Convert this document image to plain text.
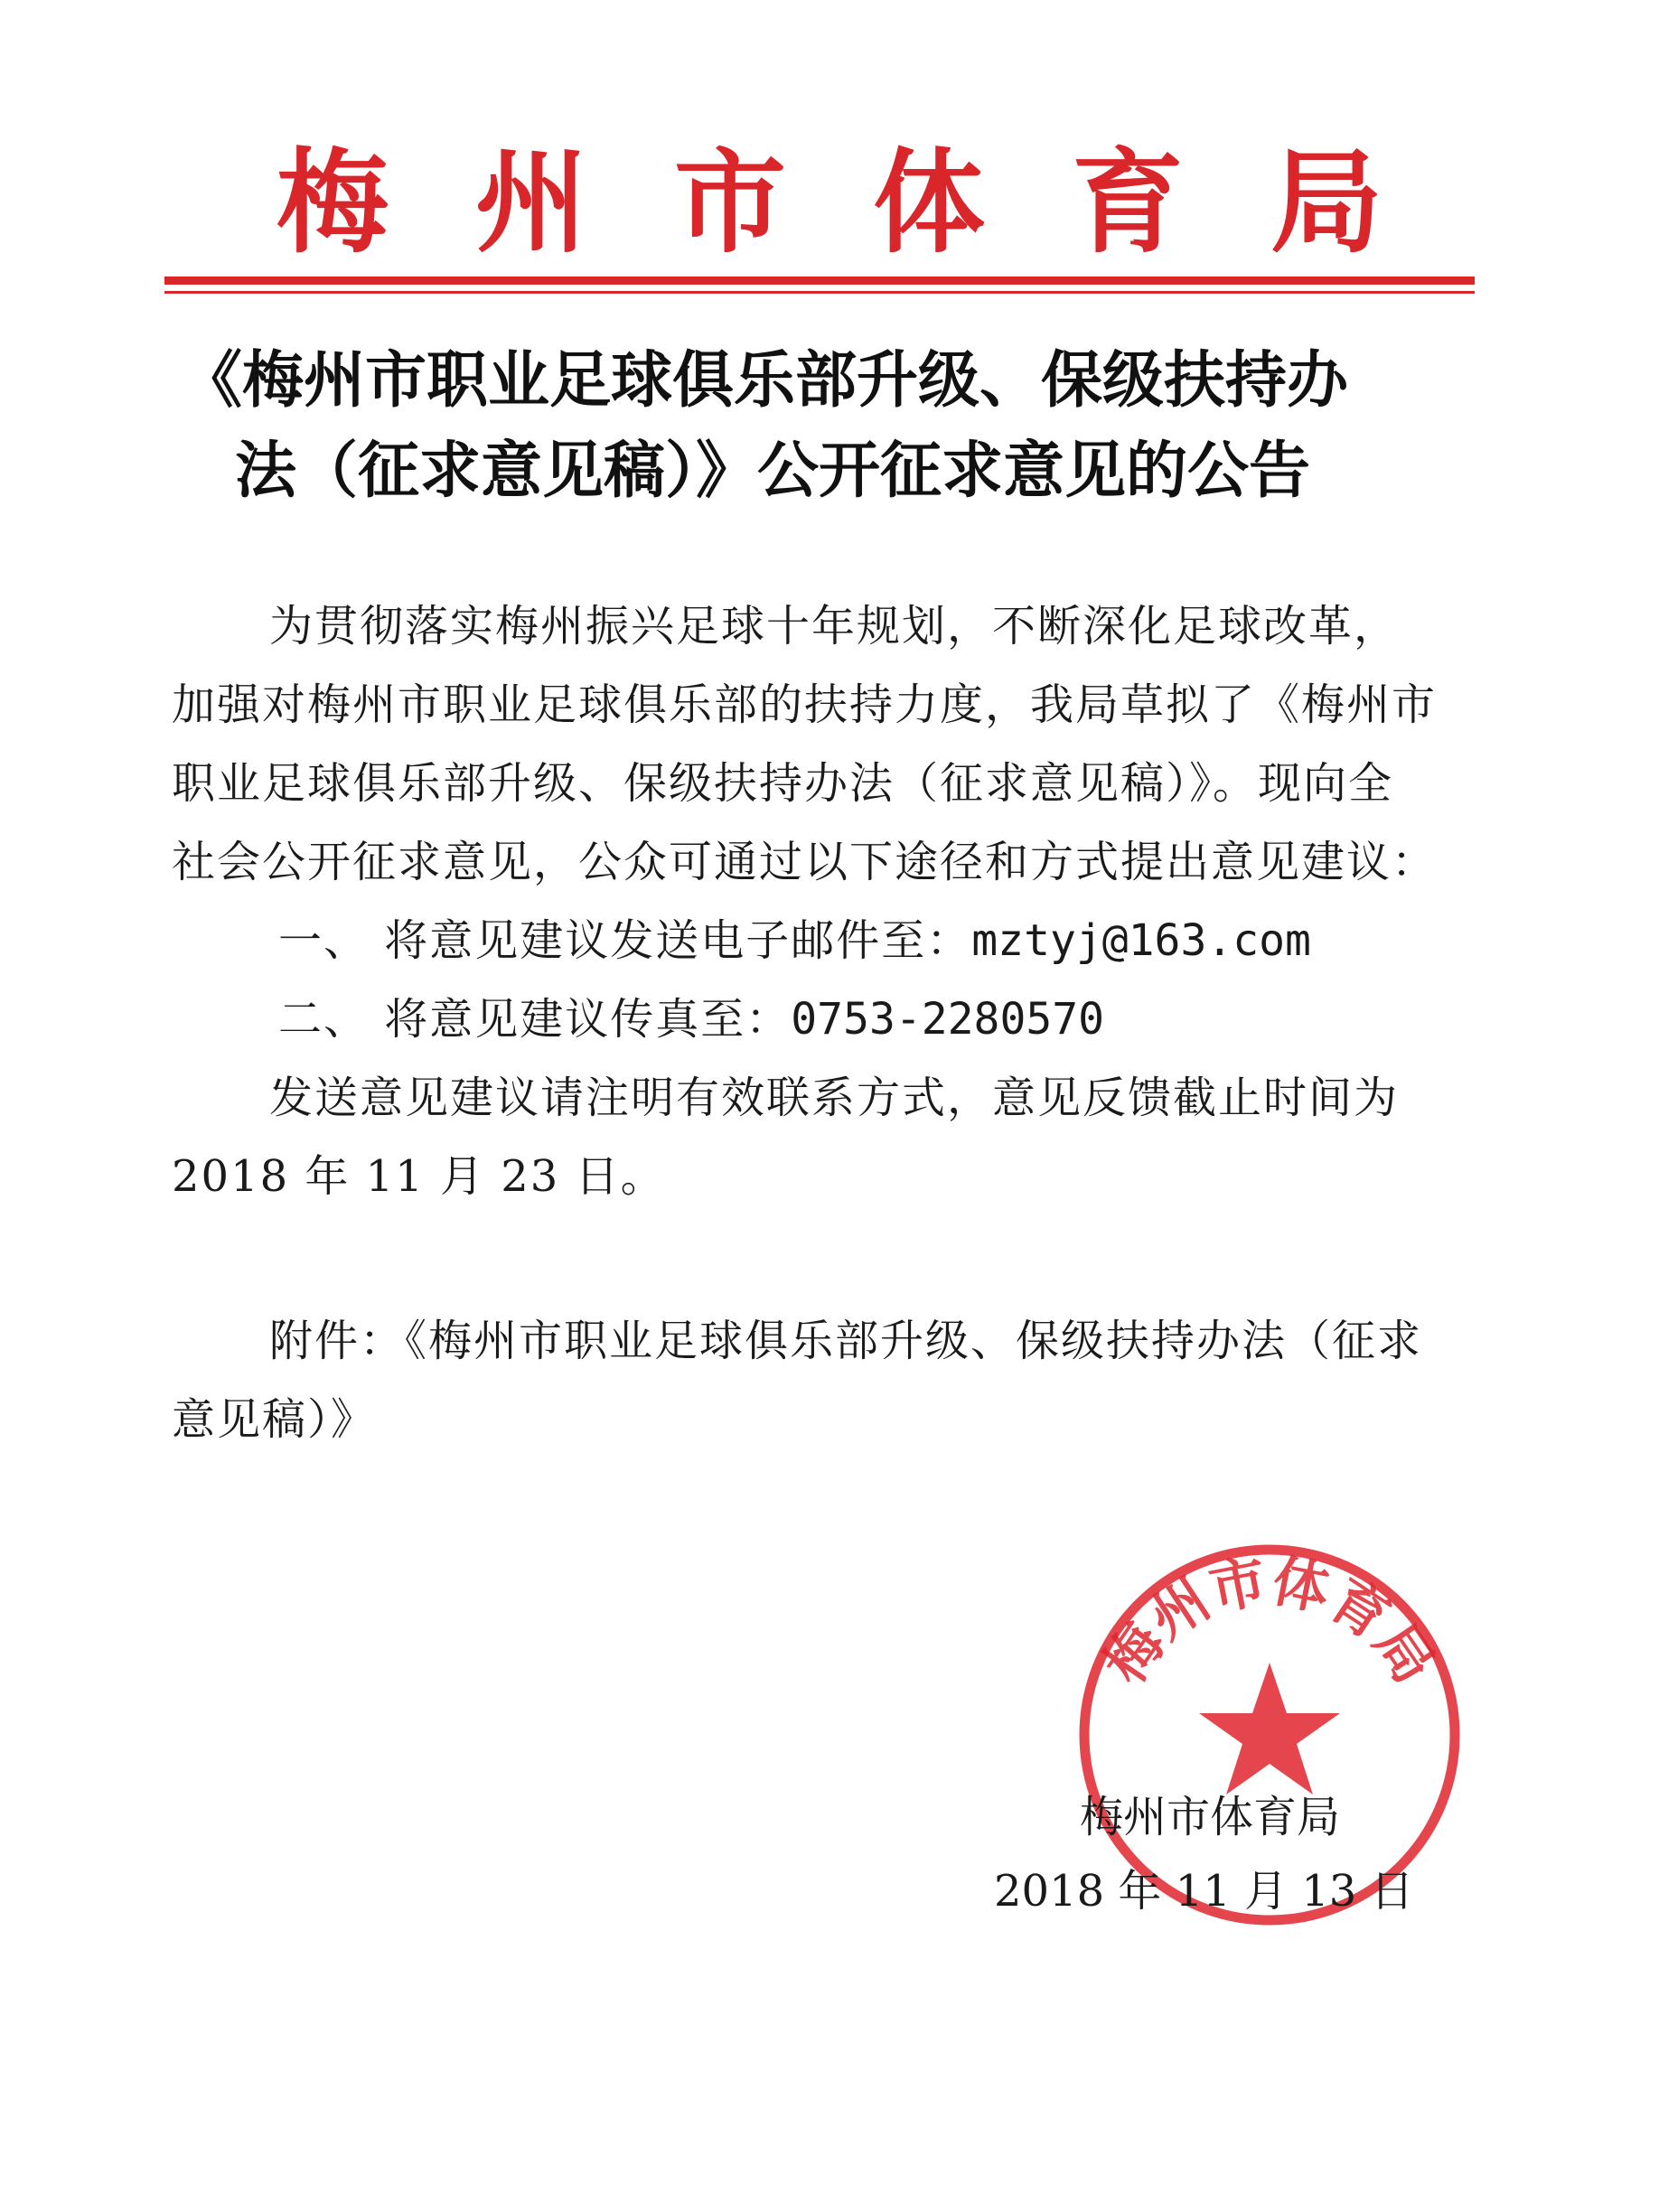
梅州市体育局
《梅州市职业足球俱乐部升级、保级扶持办
法（征求意见稿）》公开征求意见的公告

为贯彻落实梅州振兴足球十年规划，不断深化足球改革，加强对梅州市职业足球俱乐部的扶持力度，我局草拟了《梅州市职业足球俱乐部升级、保级扶持办法（征求意见稿）》。现向全社会公开征求意见，公众可通过以下途径和方式提出意见建议：

一、 将意见建议发送电子邮件至：mztyj@163.com

二、 将意见建议传真至：0753-2280570

发送意见建议请注明有效联系方式，意见反馈截止时间为 2018 年 11 月 23 日。

附件：《梅州市职业足球俱乐部升级、保级扶持办法（征求意见稿）》

梅州市体育局
梅州市体育局
2018 年 11 月 13 日
